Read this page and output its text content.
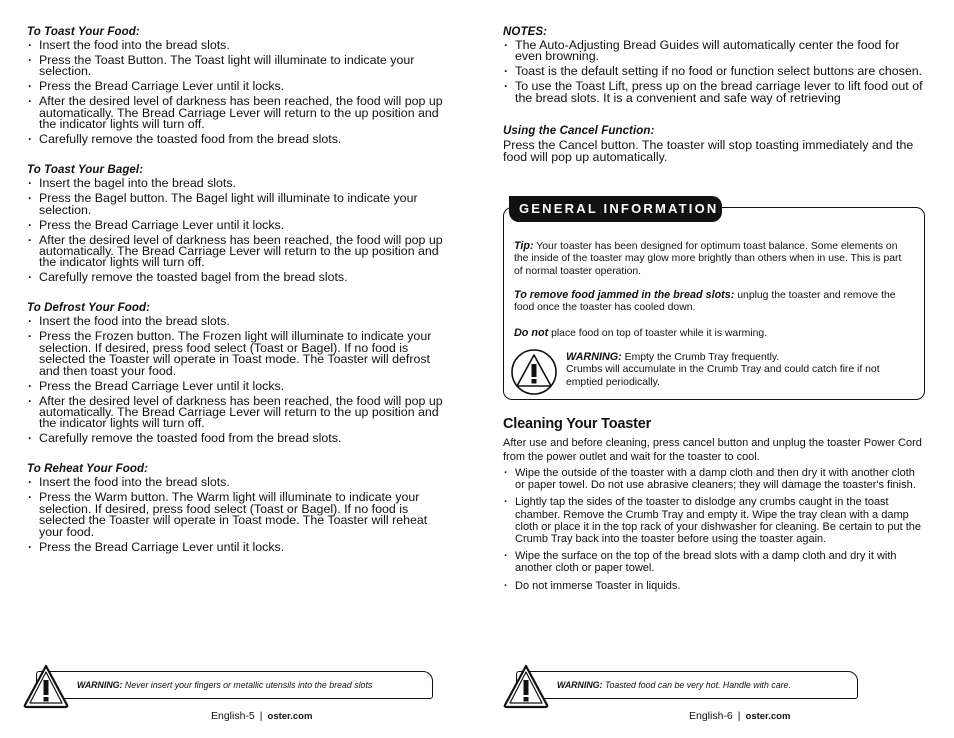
To Toast Your Food:

· Insert the food into the bread slots.
· Press the Toast Button. The Toast light will illuminate to indicate your selection.
· Press the Bread Carriage Lever until it locks.
· After the desired level of darkness has been reached, the food will pop up automatically. The Bread Carriage Lever will return to the up position and the indicator lights will turn off.
· Carefully remove the toasted food from the bread slots.

To Toast Your Bagel:

· Insert the bagel into the bread slots.
· Press the Bagel button. The Bagel light will illuminate to indicate your selection.
· Press the Bread Carriage Lever until it locks.
· After the desired level of darkness has been reached, the food will pop up automatically. The Bread Carriage Lever will return to the up position and the indicator lights will turn off.
· Carefully remove the toasted bagel from the bread slots.

To Defrost Your Food:

· Insert the food into the bread slots.
· Press the Frozen button. The Frozen light will illuminate to indicate your selection. If desired, press food select (Toast or Bagel). If no food is selected the Toaster will operate in Toast mode. The Toaster will defrost and then toast your food.
· Press the Bread Carriage Lever until it locks.
· After the desired level of darkness has been reached, the food will pop up automatically. The Bread Carriage Lever will return to the up position and the indicator lights will turn off.
· Carefully remove the toasted food from the bread slots.

To Reheat Your Food:

· Insert the food into the bread slots.
· Press the Warm button. The Warm light will illuminate to indicate your selection. If desired, press food select (Toast or Bagel). If no food is selected the Toaster will operate in Toast mode. The Toaster will reheat your food.
· Press the Bread Carriage Lever until it locks.
WARNING: Never insert your fingers or metallic utensils into the bread slots
English-5 | oster.com

NOTES:

· The Auto-Adjusting Bread Guides will automatically center the food for even browning.
· Toast is the default setting if no food or function select buttons are chosen.
· To use the Toast Lift, press up on the bread carriage lever to lift food out of the bread slots. It is a convenient and safe way of retrieving

Using the Cancel Function:

Press the Cancel button. The toaster will stop toasting immediately and the food will pop up automatically.

GENERAL INFORMATION

Tip: Your toaster has been designed for optimum toast balance. Some elements on the inside of the toaster may glow more brightly than others when in use. This is part of normal toaster operation.

To remove food jammed in the bread slots: unplug the toaster and remove the food once the toaster has cooled down.

Do not place food on top of toaster while it is warming.

WARNING: Empty the Crumb Tray frequently.
Crumbs will accumulate in the Crumb Tray and could catch fire if not emptied periodically.

Cleaning Your Toaster

After use and before cleaning, press cancel button and unplug the toaster Power Cord from the power outlet and wait for the toaster to cool.

· Wipe the outside of the toaster with a damp cloth and then dry it with another cloth or paper towel. Do not use abrasive cleaners; they will damage the toaster's finish.
· Lightly tap the sides of the toaster to dislodge any crumbs caught in the toast chamber. Remove the Crumb Tray and empty it. Wipe the tray clean with a damp cloth or place it in the top rack of your dishwasher for cleaning. Be certain to put the Crumb Tray back into the toaster before using the toaster again.
· Wipe the surface on the top of the bread slots with a damp cloth and dry it with another cloth or paper towel.
· Do not immerse Toaster in liquids.
WARNING: Toasted food can be very hot. Handle with care.
English-6 | oster.com
